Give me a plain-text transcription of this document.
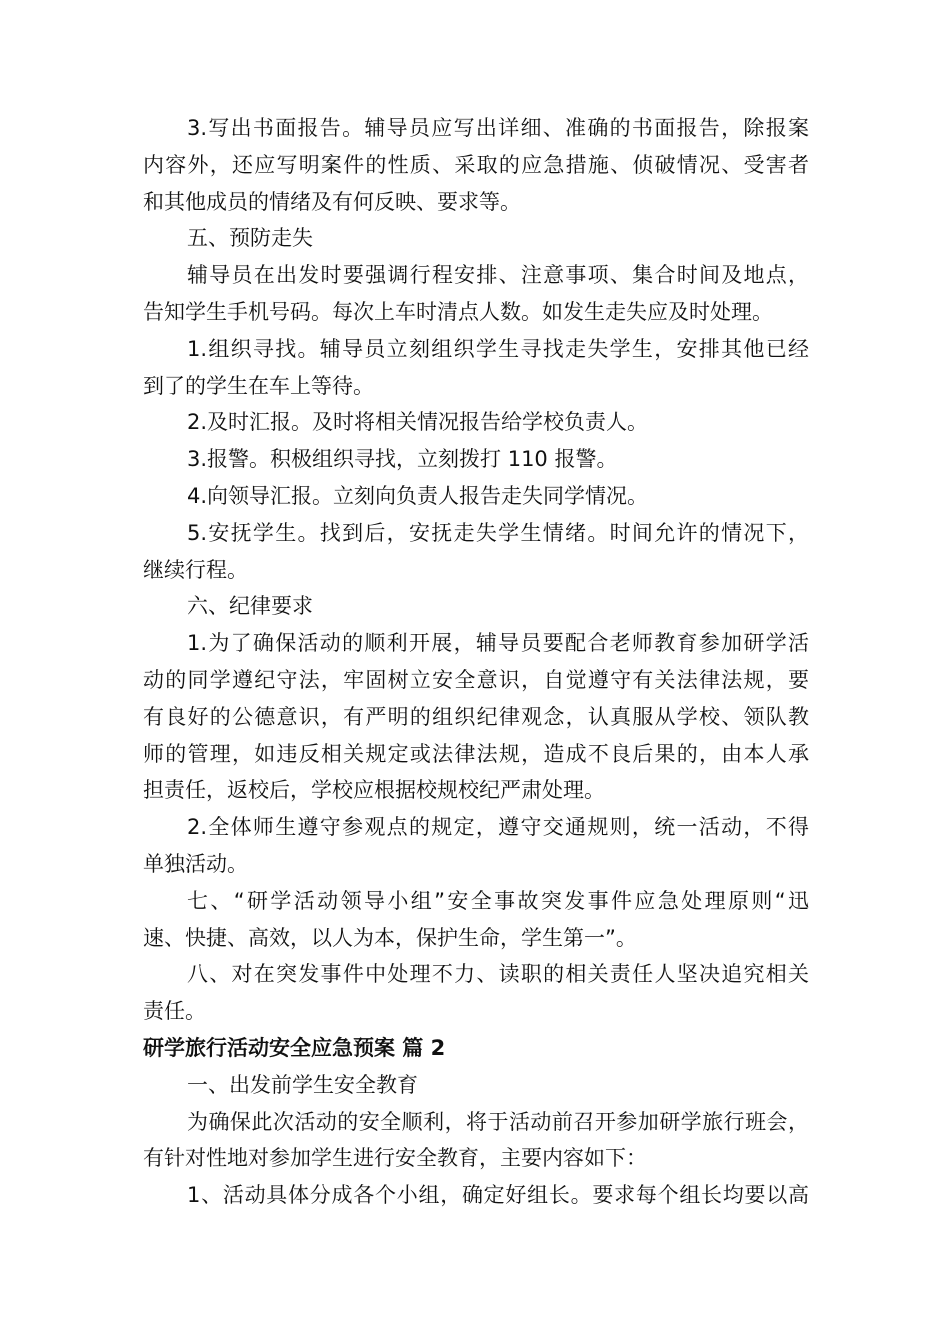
3.写出书面报告。辅导员应写出详细、准确的书面报告，除报案
内容外，还应写明案件的性质、采取的应急措施、侦破情况、受害者
和其他成员的情绪及有何反映、要求等。
五、预防走失
辅导员在出发时要强调行程安排、注意事项、集合时间及地点，
告知学生手机号码。每次上车时清点人数。如发生走失应及时处理。
1.组织寻找。辅导员立刻组织学生寻找走失学生，安排其他已经
到了的学生在车上等待。
2.及时汇报。及时将相关情况报告给学校负责人。
3.报警。积极组织寻找，立刻拨打 110 报警。
4.向领导汇报。立刻向负责人报告走失同学情况。
5.安抚学生。找到后，安抚走失学生情绪。时间允许的情况下，
继续行程。
六、纪律要求
1.为了确保活动的顺利开展，辅导员要配合老师教育参加研学活
动的同学遵纪守法，牢固树立安全意识，自觉遵守有关法律法规，要
有良好的公德意识，有严明的组织纪律观念，认真服从学校、领队教
师的管理，如违反相关规定或法律法规，造成不良后果的，由本人承
担责任，返校后，学校应根据校规校纪严肃处理。
2.全体师生遵守参观点的规定，遵守交通规则，统一活动，不得
单独活动。
七、“研学活动领导小组”安全事故突发事件应急处理原则“迅
速、快捷、高效，以人为本，保护生命，学生第一”。
八、对在突发事件中处理不力、读职的相关责任人坚决追究相关
责任。
研学旅行活动安全应急预案 篇 2
一、出发前学生安全教育
为确保此次活动的安全顺利，将于活动前召开参加研学旅行班会，
有针对性地对参加学生进行安全教育，主要内容如下：
1、活动具体分成各个小组，确定好组长。要求每个组长均要以高
